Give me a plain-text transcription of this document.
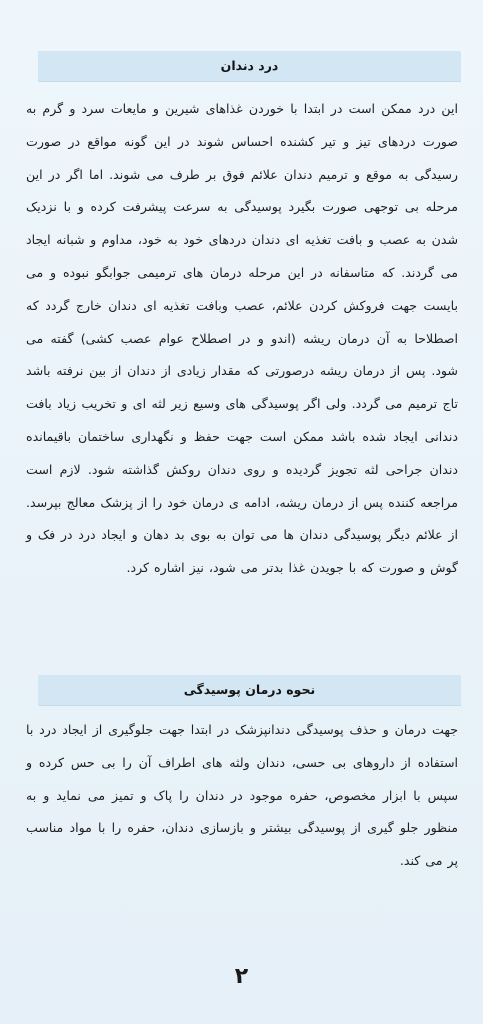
درد دندان

این درد ممکن است در ابتدا با خوردن غذاهای شیرین و مایعات سرد و گرم به صورت دردهای تیز و تیر کشنده احساس شوند در این گونه مواقع در صورت رسیدگی به موقع و ترمیم دندان علائم فوق بر طرف می شوند. اما اگر در این مرحله بی توجهی صورت بگیرد پوسیدگی به سرعت پیشرفت کرده و با نزدیک شدن به عصب و بافت تغذیه ای دندان دردهای خود به خود، مداوم و شبانه ایجاد می گردند. که متاسفانه در این مرحله درمان های ترمیمی جوابگو نبوده و می بایست جهت فروکش کردن علائم، عصب وبافت تغذیه ای دندان خارج گردد که اصطلاحا به آن درمان ریشه (اندو و در اصطلاح عوام عصب کشی) گفته می شود. پس از درمان ریشه درصورتی که مقدار زیادی از دندان از بین نرفته باشد تاج ترمیم می گردد. ولی اگر پوسیدگی های وسیع زیر لثه ای و تخریب زیاد بافت دندانی ایجاد شده باشد ممکن است جهت حفظ و نگهداری ساختمان باقیمانده دندان جراحی لثه تجویز گردیده و روی دندان روکش گذاشته شود. لازم است مراجعه کننده پس از درمان ریشه، ادامه ی درمان خود را از پزشک معالج بپرسد. از علائم دیگر پوسیدگی دندان ها می توان به بوی بد دهان و ایجاد درد در فک و گوش و صورت که با جویدن غذا بدتر می شود، نیز اشاره کرد.

نحوه درمان پوسیدگی

جهت درمان و حذف پوسیدگی دندانپزشک در ابتدا جهت جلوگیری از ایجاد درد با استفاده از داروهای بی حسی، دندان ولثه های اطراف آن را بی حس کرده و سپس با ابزار مخصوص، حفره موجود در دندان را پاک و تمیز می نماید و به منظور جلو گیری از پوسیدگی بیشتر و بازسازی دندان، حفره را با مواد مناسب پر می کند.

۲
